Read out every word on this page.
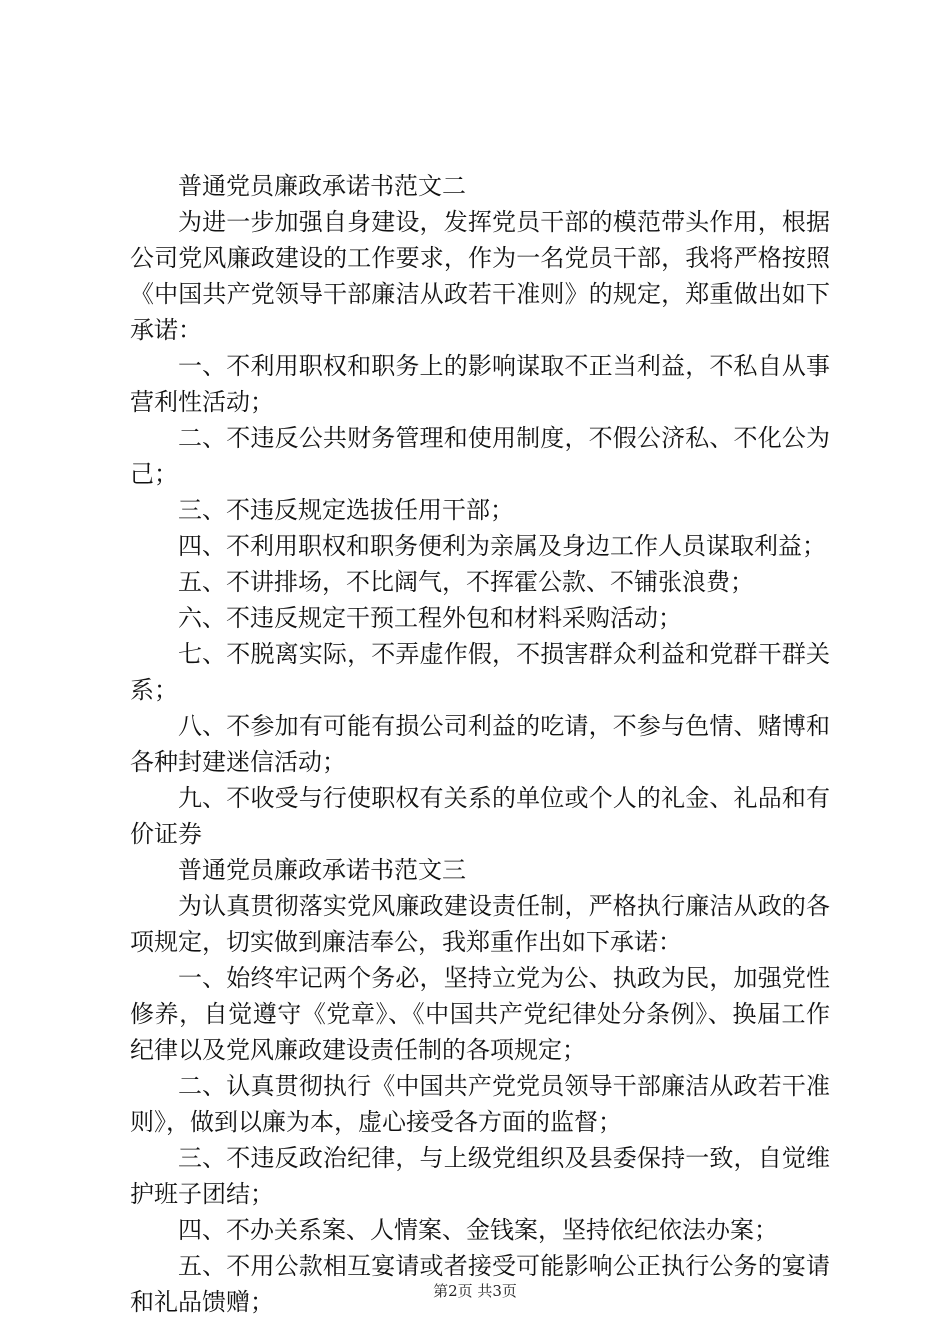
普通党员廉政承诺书范文二

为进一步加强自身建设，发挥党员干部的模范带头作用，根据公司党风廉政建设的工作要求，作为一名党员干部，我将严格按照《中国共产党领导干部廉洁从政若干准则》的规定，郑重做出如下承诺：

一、不利用职权和职务上的影响谋取不正当利益，不私自从事营利性活动；

二、不违反公共财务管理和使用制度，不假公济私、不化公为己；

三、不违反规定选拔任用干部；

四、不利用职权和职务便利为亲属及身边工作人员谋取利益；

五、不讲排场，不比阔气，不挥霍公款、不铺张浪费；

六、不违反规定干预工程外包和材料采购活动；

七、不脱离实际，不弄虚作假，不损害群众利益和党群干群关系；

八、不参加有可能有损公司利益的吃请，不参与色情、赌博和各种封建迷信活动；

九、不收受与行使职权有关系的单位或个人的礼金、礼品和有价证券

普通党员廉政承诺书范文三

为认真贯彻落实党风廉政建设责任制，严格执行廉洁从政的各项规定，切实做到廉洁奉公，我郑重作出如下承诺：

一、始终牢记两个务必，坚持立党为公、执政为民，加强党性修养，自觉遵守《党章》、《中国共产党纪律处分条例》、换届工作纪律以及党风廉政建设责任制的各项规定；

二、认真贯彻执行《中国共产党党员领导干部廉洁从政若干准则》，做到以廉为本，虚心接受各方面的监督；

三、不违反政治纪律，与上级党组织及县委保持一致，自觉维护班子团结；

四、不办关系案、人情案、金钱案，坚持依纪依法办案；

五、不用公款相互宴请或者接受可能影响公正执行公务的宴请和礼品馈赠；	第2页 共3页
